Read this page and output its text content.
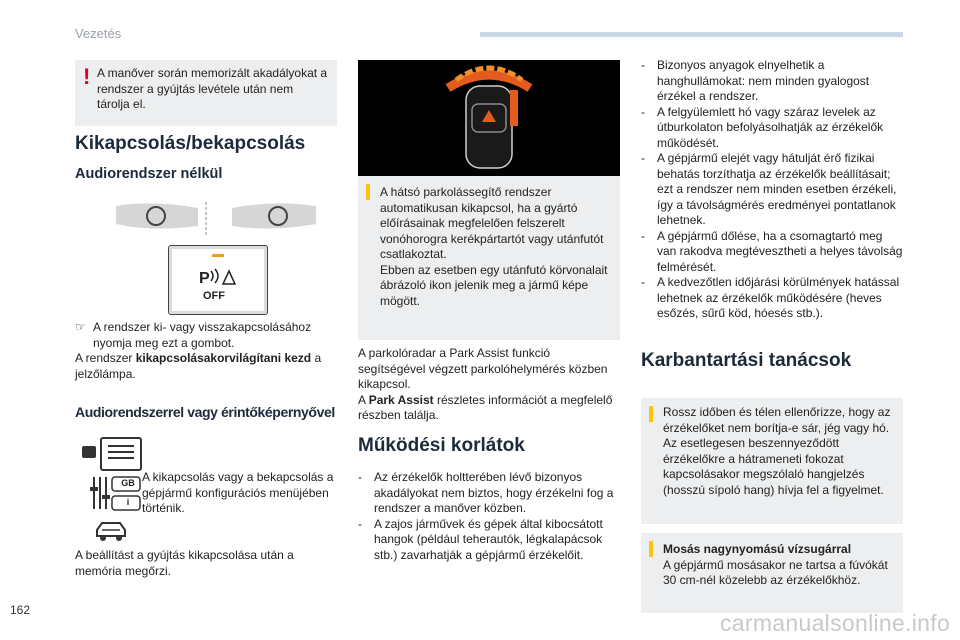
Vezetés
! A manőver során memorizált akadályokat a rendszer a gyújtás levétele után nem tárolja el.
Kikapcsolás/bekapcsolás
Audiorendszer nélkül
P
OFF
☞ A rendszer ki- vagy visszakapcsolásához nyomja meg ezt a gombot.
A rendszer kikapcsolásakorvilágítani kezd a jelzőlámpa.
Audiorendszerrel vagy érintőképernyővel
GB
i
A kikapcsolás vagy a bekapcsolás a gépjármű konfigurációs menüjében történik.
A beállítást a gyújtás kikapcsolása után a memória megőrzi.
A hátsó parkolássegítő rendszer automatikusan kikapcsol, ha a gyártó előírásainak megfelelően felszerelt vonóhorogra kerékpártartót vagy utánfutót csatlakoztat.
Ebben az esetben egy utánfutó körvonalait ábrázoló ikon jelenik meg a jármű képe mögött.
A parkolóradar a Park Assist funkció segítségével végzett parkolóhelymérés közben kikapcsol.
A Park Assist részletes információt a megfelelő részben találja.
Működési korlátok
- Az érzékelők holtterében lévő bizonyos akadályokat nem biztos, hogy érzékelni fog a rendszer a manőver közben.
- A zajos járművek és gépek által kibocsátott hangok (például teherautók, légkalapácsok stb.) zavarhatják a gépjármű érzékelőit.
- Bizonyos anyagok elnyelhetik a hanghullámokat: nem minden gyalogost érzékel a rendszer.
- A felgyülemlett hó vagy száraz levelek az útburkolaton befolyásolhatják az érzékelők működését.
- A gépjármű elejét vagy hátulját érő fizikai behatás torzíthatja az érzékelők beállításait; ezt a rendszer nem minden esetben érzékeli, így a távolságmérés eredményei pontatlanok lehetnek.
- A gépjármű dőlése, ha a csomagtartó meg van rakodva megtévesztheti a helyes távolság felmérését.
- A kedvezőtlen időjárási körülmények hatással lehetnek az érzékelők működésére (heves esőzés, sűrű köd, hóesés stb.).
Karbantartási tanácsok
Rossz időben és télen ellenőrizze, hogy az érzékelőket nem borítja-e sár, jég vagy hó. Az esetlegesen beszennyeződött érzékelőkre a hátrameneti fokozat kapcsolásakor megszólaló hangjelzés (hosszú sípoló hang) hívja fel a figyelmet.
Mosás nagynyomású vízsugárral
A gépjármű mosásakor ne tartsa a fúvókát 30 cm-nél közelebb az érzékelőkhöz.
162	carmanualsonline.info
